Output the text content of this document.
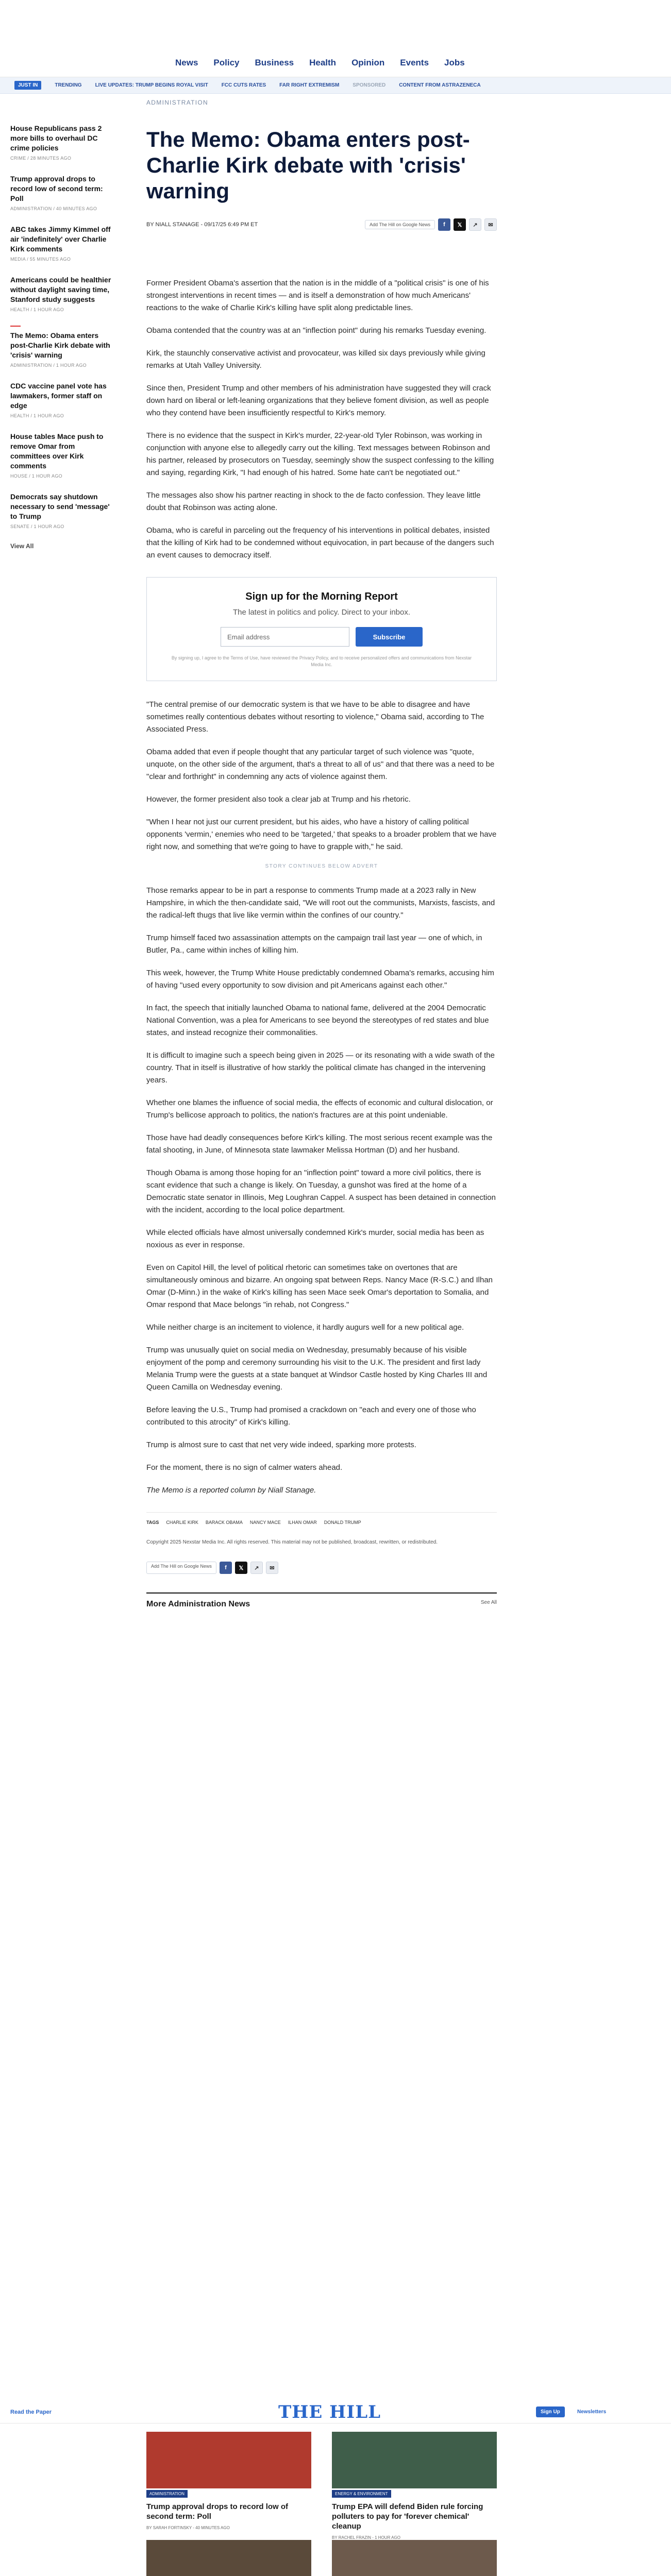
News Policy Business Health Opinion Events Jobs
JUST IN	TRENDING	LIVE UPDATES: TRUMP BEGINS ROYAL VISIT	FCC CUTS RATES	FAR RIGHT EXTREMISM	SPONSORED	CONTENT FROM ASTRAZENECA
House Republicans pass 2 more bills to overhaul DC crime policies
CRIME / 28 MINUTES AGO
Trump approval drops to record low of second term: Poll
ADMINISTRATION / 40 MINUTES AGO
ABC takes Jimmy Kimmel off air 'indefinitely' over Charlie Kirk comments
MEDIA / 55 MINUTES AGO
Americans could be healthier without daylight saving time, Stanford study suggests
HEALTH / 1 HOUR AGO
The Memo: Obama enters post-Charlie Kirk debate with 'crisis' warning
ADMINISTRATION / 1 HOUR AGO
CDC vaccine panel vote has lawmakers, former staff on edge
HEALTH / 1 HOUR AGO
House tables Mace push to remove Omar from committees over Kirk comments
HOUSE / 1 HOUR AGO
Democrats say shutdown necessary to send 'message' to Trump
SENATE / 1 HOUR AGO
View All
ADMINISTRATION
The Memo: Obama enters post-Charlie Kirk debate with 'crisis' warning
BY NIALL STANAGE - 09/17/25 6:49 PM ET	Add The Hill on Google News	f	𝕏	↗	✉

Former President Obama's assertion that the nation is in the middle of a "political crisis" is one of his strongest interventions in recent times — and is itself a demonstration of how much Americans' reactions to the wake of Charlie Kirk's killing have split along predictable lines.

Obama contended that the country was at an "inflection point" during his remarks Tuesday evening.

Kirk, the staunchly conservative activist and provocateur, was killed six days previously while giving remarks at Utah Valley University.

Since then, President Trump and other members of his administration have suggested they will crack down hard on liberal or left-leaning organizations that they believe foment division, as well as people who they contend have been insufficiently respectful to Kirk's memory.

There is no evidence that the suspect in Kirk's murder, 22-year-old Tyler Robinson, was working in conjunction with anyone else to allegedly carry out the killing. Text messages between Robinson and his partner, released by prosecutors on Tuesday, seemingly show the suspect confessing to the killing and saying, regarding Kirk, "I had enough of his hatred. Some hate can't be negotiated out."

The messages also show his partner reacting in shock to the de facto confession. They leave little doubt that Robinson was acting alone.

Obama, who is careful in parceling out the frequency of his interventions in political debates, insisted that the killing of Kirk had to be condemned without equivocation, in part because of the dangers such an event causes to democracy itself.

Sign up for the Morning Report
The latest in politics and policy. Direct to your inbox.
Email address	Subscribe
By signing up, I agree to the Terms of Use, have reviewed the Privacy Policy, and to receive personalized offers and communications from Nexstar Media Inc.

"The central premise of our democratic system is that we have to be able to disagree and have sometimes really contentious debates without resorting to violence," Obama said, according to The Associated Press.

Obama added that even if people thought that any particular target of such violence was "quote, unquote, on the other side of the argument, that's a threat to all of us" and that there was a need to be "clear and forthright" in condemning any acts of violence against them.

However, the former president also took a clear jab at Trump and his rhetoric.

"When I hear not just our current president, but his aides, who have a history of calling political opponents 'vermin,' enemies who need to be 'targeted,' that speaks to a broader problem that we have right now, and something that we're going to have to grapple with," he said.

STORY CONTINUES BELOW ADVERT

Those remarks appear to be in part a response to comments Trump made at a 2023 rally in New Hampshire, in which the then-candidate said, "We will root out the communists, Marxists, fascists, and the radical-left thugs that live like vermin within the confines of our country."

Trump himself faced two assassination attempts on the campaign trail last year — one of which, in Butler, Pa., came within inches of killing him.

This week, however, the Trump White House predictably condemned Obama's remarks, accusing him of having "used every opportunity to sow division and pit Americans against each other."

In fact, the speech that initially launched Obama to national fame, delivered at the 2004 Democratic National Convention, was a plea for Americans to see beyond the stereotypes of red states and blue states, and instead recognize their commonalities.

It is difficult to imagine such a speech being given in 2025 — or its resonating with a wide swath of the country. That in itself is illustrative of how starkly the political climate has changed in the intervening years.

Whether one blames the influence of social media, the effects of economic and cultural dislocation, or Trump's bellicose approach to politics, the nation's fractures are at this point undeniable.

Those have had deadly consequences before Kirk's killing. The most serious recent example was the fatal shooting, in June, of Minnesota state lawmaker Melissa Hortman (D) and her husband.

Though Obama is among those hoping for an "inflection point" toward a more civil politics, there is scant evidence that such a change is likely. On Tuesday, a gunshot was fired at the home of a Democratic state senator in Illinois, Meg Loughran Cappel. A suspect has been detained in connection with the incident, according to the local police department.

While elected officials have almost universally condemned Kirk's murder, social media has been as noxious as ever in response.

Even on Capitol Hill, the level of political rhetoric can sometimes take on overtones that are simultaneously ominous and bizarre. An ongoing spat between Reps. Nancy Mace (R-S.C.) and Ilhan Omar (D-Minn.) in the wake of Kirk's killing has seen Mace seek Omar's deportation to Somalia, and Omar respond that Mace belongs "in rehab, not Congress."

While neither charge is an incitement to violence, it hardly augurs well for a new political age.

Trump was unusually quiet on social media on Wednesday, presumably because of his visible enjoyment of the pomp and ceremony surrounding his visit to the U.K. The president and first lady Melania Trump were the guests at a state banquet at Windsor Castle hosted by King Charles III and Queen Camilla on Wednesday evening.

Before leaving the U.S., Trump had promised a crackdown on "each and every one of those who contributed to this atrocity" of Kirk's killing.

Trump is almost sure to cast that net very wide indeed, sparking more protests.

For the moment, there is no sign of calmer waters ahead.

The Memo is a reported column by Niall Stanage.

TAGS CHARLIE KIRK BARACK OBAMA NANCY MACE ILHAN OMAR DONALD TRUMP
Copyright 2025 Nexstar Media Inc. All rights reserved. This material may not be published, broadcast, rewritten, or redistributed.
Add The Hill on Google News	f	𝕏	↗	✉
More Administration News	See All
Read the Paper	THE HILL	Sign Up	Newsletters
ADMINISTRATION
Trump approval drops to record low of second term: Poll
BY SARAH FORTINSKY - 40 MINUTES AGO
ENERGY & ENVIRONMENT
Trump EPA will defend Biden rule forcing polluters to pay for 'forever chemical' cleanup
BY RACHEL FRAZIN - 1 HOUR AGO
